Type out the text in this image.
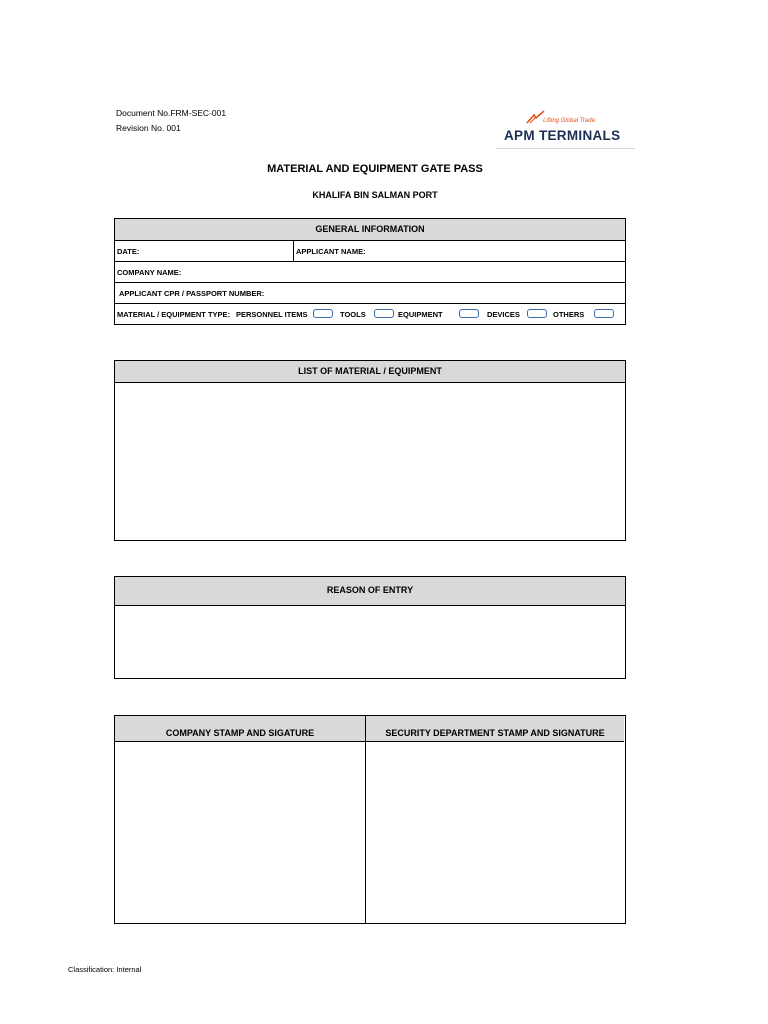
Document No.FRM-SEC-001
Revision No. 001
Lifting Global Trade.
APM TERMINALS
MATERIAL AND EQUIPMENT GATE PASS
KHALIFA BIN SALMAN PORT
GENERAL INFORMATION
DATE:	APPLICANT NAME:
COMPANY NAME:
APPLICANT CPR / PASSPORT NUMBER:
MATERIAL / EQUIPMENT TYPE: PERSONNEL ITEMS	TOOLS	EQUIPMENT	DEVICES	OTHERS
LIST OF MATERIAL / EQUIPMENT
REASON OF ENTRY
COMPANY STAMP AND SIGATURE	SECURITY DEPARTMENT STAMP AND SIGNATURE
Classification: Internal
